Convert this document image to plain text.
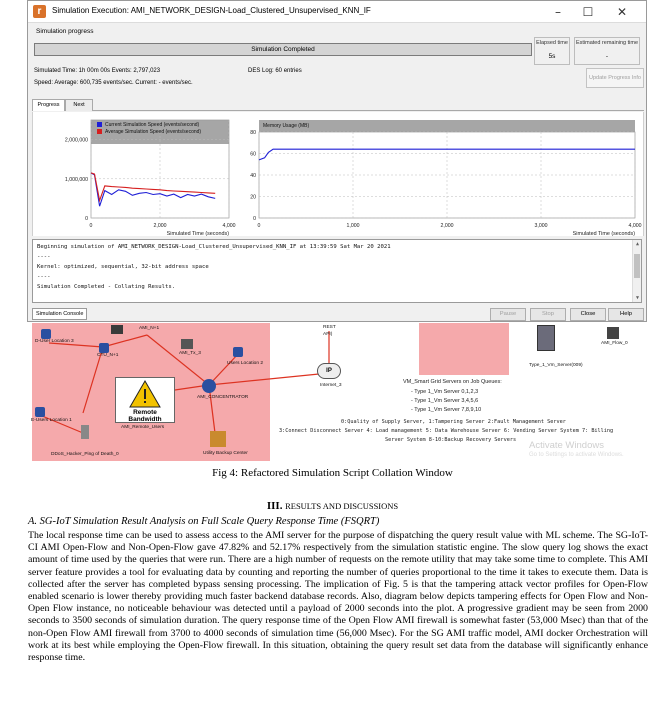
r	Simulation Execution: AMI_NETWORK_DESIGN-Load_Clustered_Unsupervised_KNN_IF	–	☐	✕
Simulation progress
Simulation Completed
Elapsed time
5s
Estimated remaining time
-
Simulated Time: 1h 00m 00s Events: 2,797,023	DES Log: 60 entries
Speed: Average: 600,735 events/sec. Current: - events/sec.
Update Progress Info
Progress	Next
0
1,000,000
2,000,000
0	2,000	4,000
Simulated Time (seconds)
Current Simulation Speed (events/second)
Average Simulation Speed (events/second)
0
20
40
60
80
0	1,000	2,000	3,000	4,000
Simulated Time (seconds)
Memory Usage (MB)
Beginning simulation of AMI_NETWORK_DESIGN-Load_Clustered_Unsupervised_KNN_IF at 13:39:59 Sat Mar 20 2021
----
Kernel: optimized, sequential, 32-bit address space
----
Simulation Completed - Collating Results.
▲
▼
Simulation Console	Pause	Stop	Close	Help
D-User Location 3
AMI_N+1
CTU_N+1	AMI_Tx_3
Users Location 2
E-Users Location 1
Remote Bandwidth
AMI_Remote_Users
AMI_CONCENTRATOR
DDoS_Hacker_Ping of Death_0	Utility Backup Center
REST
API)
IP
Internet_3
Type_1_Vm_Server(009)
AMI_Flow_0
VM_Smart Grid Servers on Job Queues:
- Type 1_Vm Server 0,1,2,3
- Type 1_Vm Server 3,4,5,6
- Type 1_Vm Server 7,8,9,10
0:Quality of Supply Server, 1:Tampering Server 2:Fault Management Server
3:Connect Disconnect Server 4: Load management 5: Data Warehouse Server 6: Vending Server System 7: Billing
Server System 8-10:Backup Recovery Servers Activate Windows
Go to Settings to activate Windows.
Fig 4: Refactored Simulation Script Collation Window
III. RESULTS AND DISCUSSIONS
A. SG-IoT Simulation Result Analysis on Full Scale Query Response Time (FSQRT)
The local response time can be used to assess access to the AMI server for the purpose of dispatching the query result value with ML scheme. The SG-IoT-CI AMI Open-Flow and Non-Open-Flow gave 47.82% and 52.17% respectively from the simulation statistic engine. The slow query log shows the exact amount of time used by the queries that were run. There are a high number of requests on the remote utility that may take some time to complete. This AMI server feature provides a tool for evaluating data by counting and reporting the number of queries proportional to the time it takes to execute them. Data is collected after the server has completed bypass sensing processing. The implication of Fig. 5 is that the tampering attack vector profiles for Open-Flow enabled scenario is lower thereby providing much faster backend database records. Also, diagram below depicts tampering effects for Open Flow and Non-Open Flow instance, no noticeable behaviour was detected until a payload of 2000 seconds into the plot. A progressive gradient may be seen from 2000 seconds to 3500 seconds of simulation duration. The query response time of the Open Flow AMI firewall is somewhat faster (53,000 Msec) than that of the non-Open Flow AMI firewall from 3700 to 4000 seconds of simulation time (56,000 Msec). For the SG AMI traffic model, AMI docker Orchestration will work at its best while employing the Open-Flow firewall. In this situation, obtaining the query result set data from the database will significantly enhance response time.
